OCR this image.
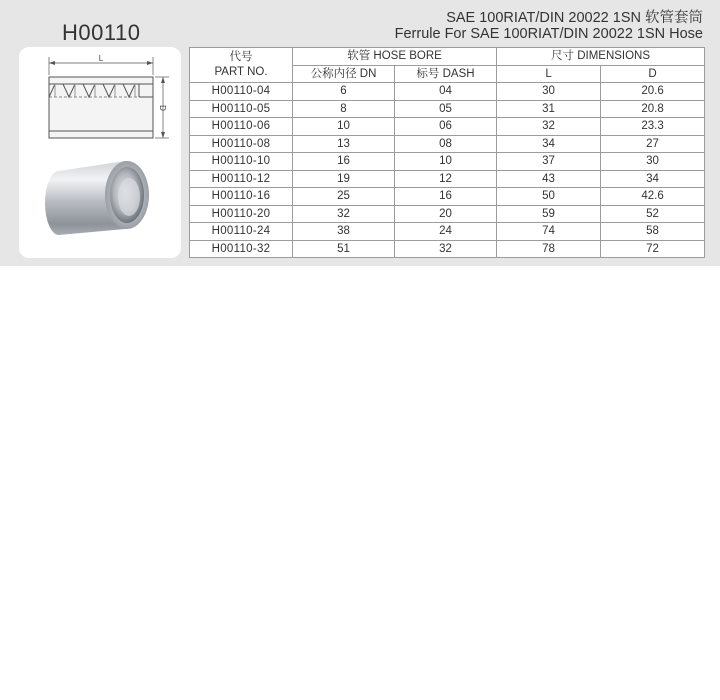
H00110
SAE 100RIAT/DIN 20022 1SN 软管套筒
Ferrule For SAE 100RIAT/DIN 20022 1SN Hose
L
D
代号
PART NO.	软管 HOSE BORE		尺寸 DIMENSIONS	
	公称内径 DN	标号 DASH	L	D
H00110-04	6	04	30	20.6
H00110-05	8	05	31	20.8
H00110-06	10	06	32	23.3
H00110-08	13	08	34	27
H00110-10	16	10	37	30
H00110-12	19	12	43	34
H00110-16	25	16	50	42.6
H00110-20	32	20	59	52
H00110-24	38	24	74	58
H00110-32	51	32	78	72
